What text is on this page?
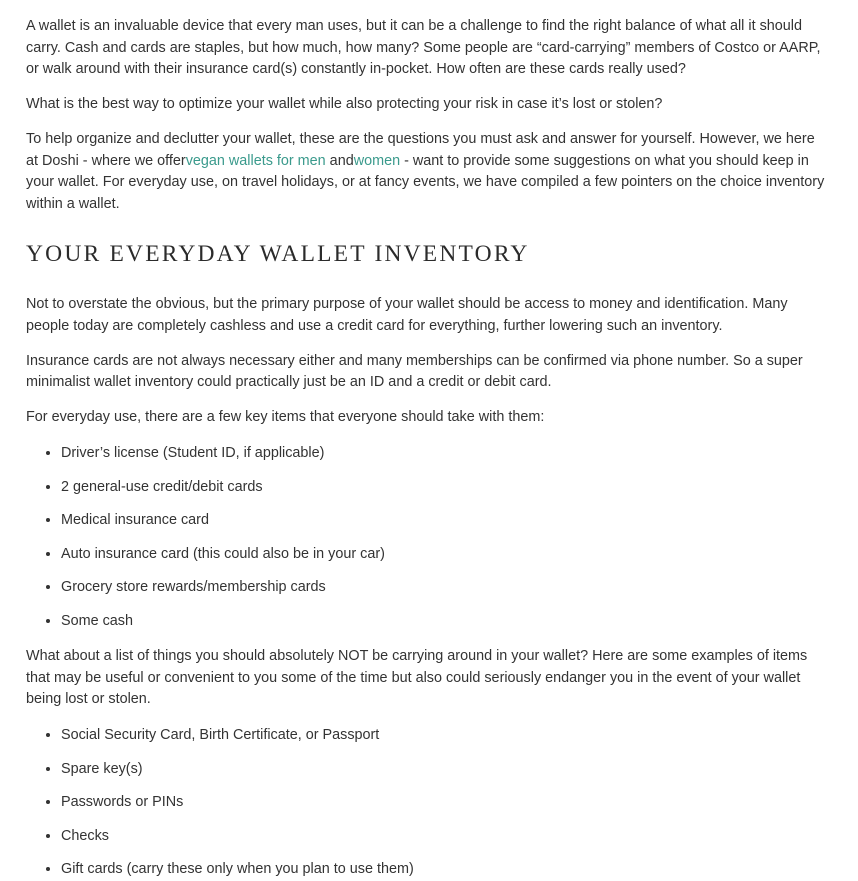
A wallet is an invaluable device that every man uses, but it can be a challenge to find the right balance of what all it should carry. Cash and cards are staples, but how much, how many? Some people are “card-carrying” members of Costco or AARP, or walk around with their insurance card(s) constantly in-pocket. How often are these cards really used?

What is the best way to optimize your wallet while also protecting your risk in case it’s lost or stolen?

To help organize and declutter your wallet, these are the questions you must ask and answer for yourself. However, we here at Doshi - where we offervegan wallets for men andwomen - want to provide some suggestions on what you should keep in your wallet. For everyday use, on travel holidays, or at fancy events, we have compiled a few pointers on the choice inventory within a wallet.

YOUR EVERYDAY WALLET INVENTORY

Not to overstate the obvious, but the primary purpose of your wallet should be access to money and identification. Many people today are completely cashless and use a credit card for everything, further lowering such an inventory.

Insurance cards are not always necessary either and many memberships can be confirmed via phone number. So a super minimalist wallet inventory could practically just be an ID and a credit or debit card.

For everyday use, there are a few key items that everyone should take with them:

• Driver’s license (Student ID, if applicable)
• 2 general-use credit/debit cards
• Medical insurance card
• Auto insurance card (this could also be in your car)
• Grocery store rewards/membership cards
• Some cash

What about a list of things you should absolutely NOT be carrying around in your wallet? Here are some examples of items that may be useful or convenient to you some of the time but also could seriously endanger you in the event of your wallet being lost or stolen.

• Social Security Card, Birth Certificate, or Passport
• Spare key(s)
• Passwords or PINs
• Checks
• Gift cards (carry these only when you plan to use them)
